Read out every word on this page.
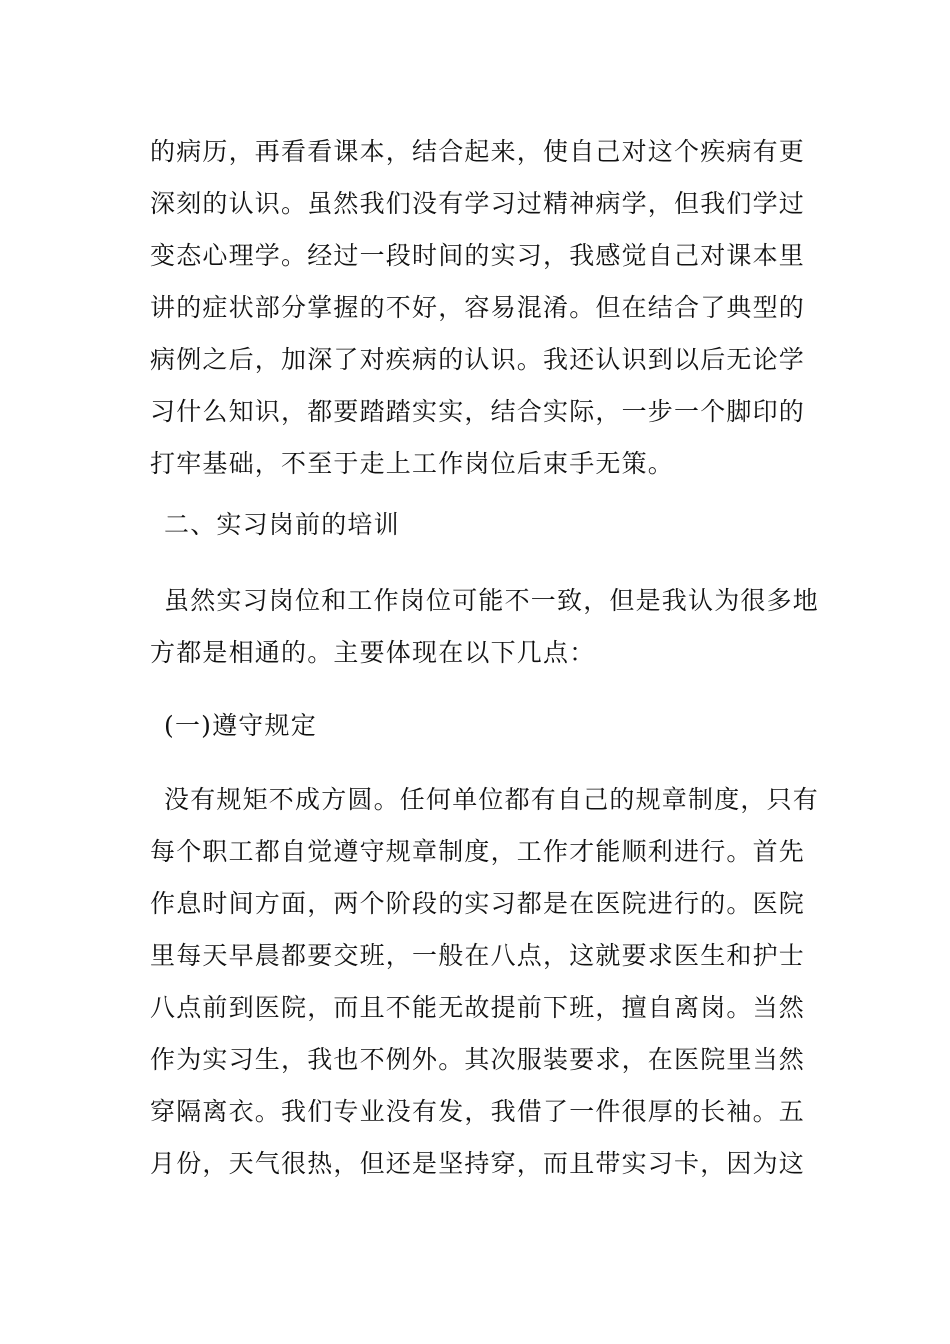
的病历，再看看课本，结合起来，使自己对这个疾病有更
深刻的认识。虽然我们没有学习过精神病学，但我们学过
变态心理学。经过一段时间的实习，我感觉自己对课本里
讲的症状部分掌握的不好，容易混淆。但在结合了典型的
病例之后，加深了对疾病的认识。我还认识到以后无论学
习什么知识，都要踏踏实实，结合实际，一步一个脚印的
打牢基础，不至于走上工作岗位后束手无策。
二、实习岗前的培训
虽然实习岗位和工作岗位可能不一致，但是我认为很多地
方都是相通的。主要体现在以下几点：
(一)遵守规定
没有规矩不成方圆。任何单位都有自己的规章制度，只有
每个职工都自觉遵守规章制度，工作才能顺利进行。首先
作息时间方面，两个阶段的实习都是在医院进行的。医院
里每天早晨都要交班，一般在八点，这就要求医生和护士
八点前到医院，而且不能无故提前下班，擅自离岗。当然
作为实习生，我也不例外。其次服装要求，在医院里当然
穿隔离衣。我们专业没有发，我借了一件很厚的长袖。五
月份，天气很热，但还是坚持穿，而且带实习卡，因为这
